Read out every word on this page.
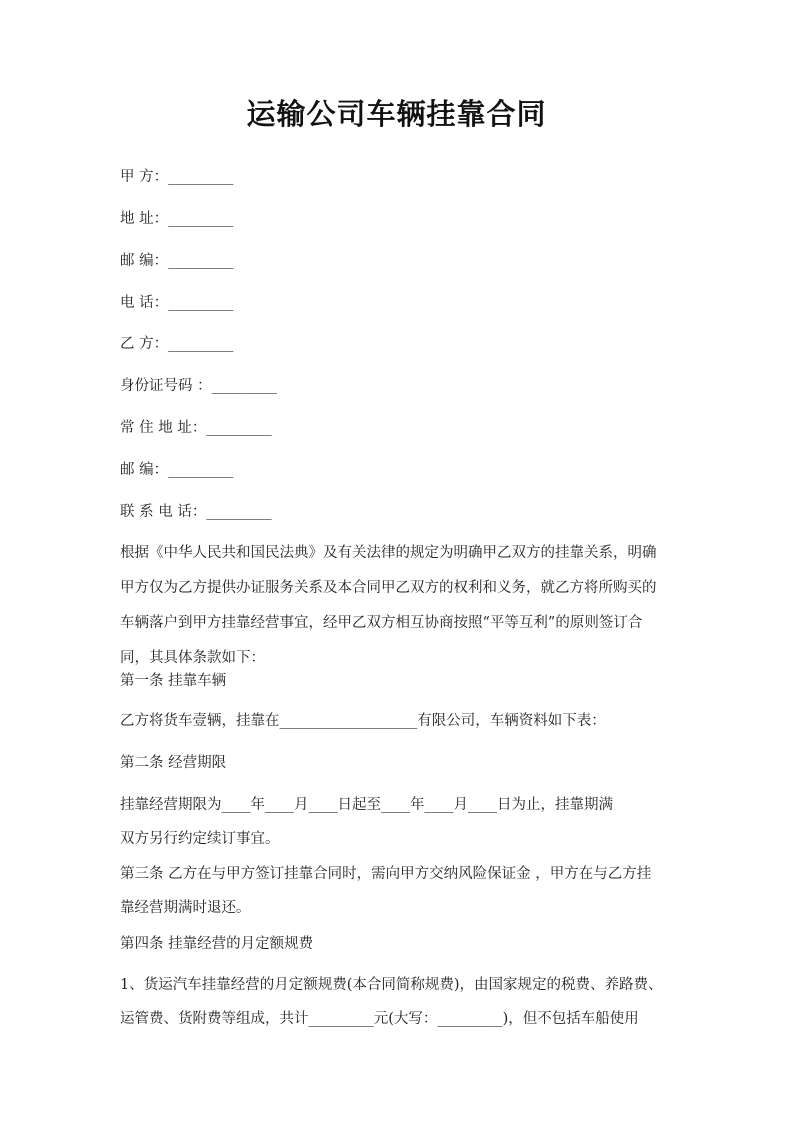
运输公司车辆挂靠合同
甲 方：_________
地 址：_________
邮 编：_________
电 话：_________
乙 方：_________
身份证号码 ：_________
常 住 地 址：_________
邮 编：_________
联 系 电 话：_________
根据《中华人民共和国民法典》及有关法律的规定为明确甲乙双方的挂靠关系，明确
甲方仅为乙方提供办证服务关系及本合同甲乙双方的权利和义务，就乙方将所购买的
车辆落户到甲方挂靠经营事宜，经甲乙双方相互协商按照“平等互利”的原则签订合
同，其具体条款如下：
第一条 挂靠车辆
乙方将货车壹辆，挂靠在___________________有限公司，车辆资料如下表：
第二条 经营期限
挂靠经营期限为____年____月____日起至____年____月____日为止，挂靠期满
双方另行约定续订事宜。
第三条 乙方在与甲方签订挂靠合同时，需向甲方交纳风险保证金 ，甲方在与乙方挂
靠经营期满时退还。
第四条 挂靠经营的月定额规费
1、货运汽车挂靠经营的月定额规费(本合同简称规费)，由国家规定的税费、养路费、
运管费、货附费等组成，共计_________元(大写：_________)，但不包括车船使用
